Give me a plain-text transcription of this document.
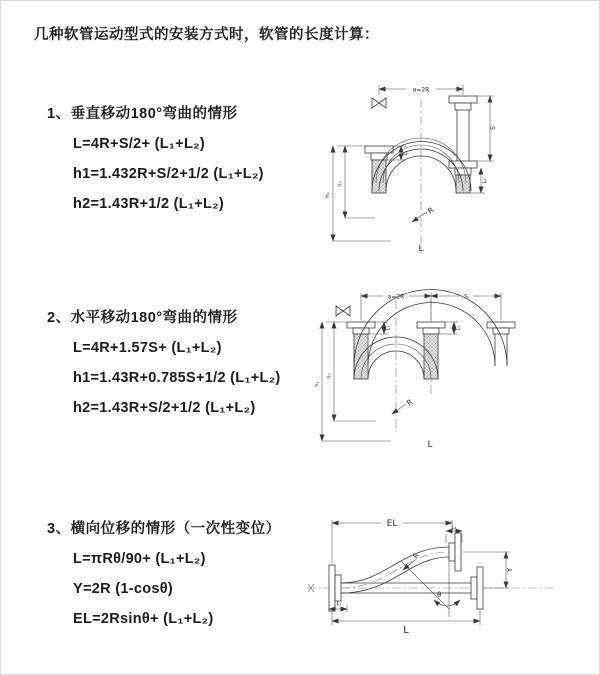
几种软管运动型式的安装方式时，软管的长度计算：

1、垂直移动180°弯曲的情形

L=4R+S/2+ (L₁+L₂)

h1=1.432R+S/2+1/2 (L₁+L₂)

h2=1.43R+1/2 (L₁+L₂)

2、水平移动180°弯曲的情形

L=4R+1.57S+ (L₁+L₂)

h1=1.43R+0.785S+1/2 (L₁+L₂)

h2=1.43R+S/2+1/2 (L₁+L₂)

3、横向位移的情形（一次性变位）

L=πRθ/90+ (L₁+L₂)

Y=2R (1-cosθ)

EL=2Rsinθ+ (L₁+L₂)

a=2R
h₁
h₂
L₁
S
L₂
R
L
a=2R	S
h₁
h₂
L₁	L₂
R
L
EL	L₂
Y
θ
R
L
L₁
